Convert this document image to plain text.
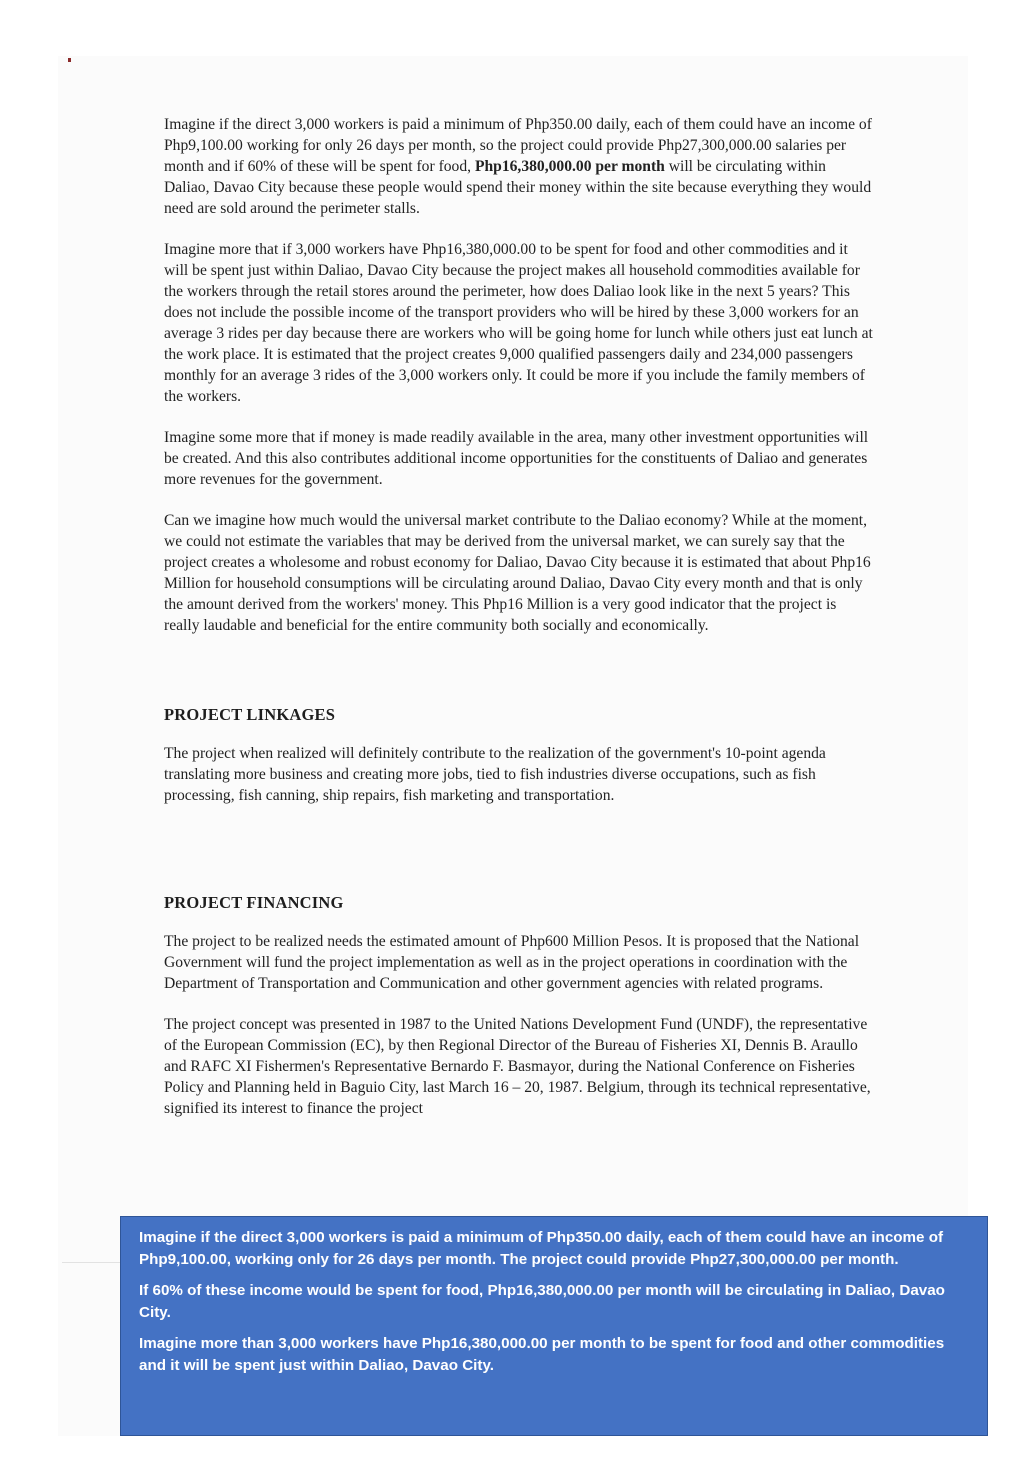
Imagine if the direct 3,000 workers is paid a minimum of Php350.00 daily, each of them could have an income of Php9,100.00 working for only 26 days per month, so the project could provide Php27,300,000.00 salaries per month and if 60% of these will be spent for food, Php16,380,000.00 per month will be circulating within Daliao, Davao City because these people would spend their money within the site because everything they would need are sold around the perimeter stalls.

Imagine more that if 3,000 workers have Php16,380,000.00 to be spent for food and other commodities and it will be spent just within Daliao, Davao City because the project makes all household commodities available for the workers through the retail stores around the perimeter, how does Daliao look like in the next 5 years? This does not include the possible income of the transport providers who will be hired by these 3,000 workers for an average 3 rides per day because there are workers who will be going home for lunch while others just eat lunch at the work place. It is estimated that the project creates 9,000 qualified passengers daily and 234,000 passengers monthly for an average 3 rides of the 3,000 workers only. It could be more if you include the family members of the workers.

Imagine some more that if money is made readily available in the area, many other investment opportunities will be created. And this also contributes additional income opportunities for the constituents of Daliao and generates more revenues for the government.

Can we imagine how much would the universal market contribute to the Daliao economy? While at the moment, we could not estimate the variables that may be derived from the universal market, we can surely say that the project creates a wholesome and robust economy for Daliao, Davao City because it is estimated that about Php16 Million for household consumptions will be circulating around Daliao, Davao City every month and that is only the amount derived from the workers' money. This Php16 Million is a very good indicator that the project is really laudable and beneficial for the entire community both socially and economically.

PROJECT LINKAGES

The project when realized will definitely contribute to the realization of the government's 10-point agenda translating more business and creating more jobs, tied to fish industries diverse occupations, such as fish processing, fish canning, ship repairs, fish marketing and transportation.

PROJECT FINANCING

The project to be realized needs the estimated amount of Php600 Million Pesos. It is proposed that the National Government will fund the project implementation as well as in the project operations in coordination with the Department of Transportation and Communication and other government agencies with related programs.

The project concept was presented in 1987 to the United Nations Development Fund (UNDF), the representative of the European Commission (EC), by then Regional Director of the Bureau of Fisheries XI, Dennis B. Araullo and RAFC XI Fishermen's Representative Bernardo F. Basmayor, during the National Conference on Fisheries Policy and Planning held in Baguio City, last March 16 – 20, 1987. Belgium, through its technical representative, signified its interest to finance the project

Imagine if the direct 3,000 workers is paid a minimum of Php350.00 daily, each of them could have an income of Php9,100.00, working only for 26 days per month. The project could provide Php27,300,000.00 per month.

If 60% of these income would be spent for food, Php16,380,000.00 per month will be circulating in Daliao, Davao City.

Imagine more than 3,000 workers have Php16,380,000.00 per month to be spent for food and other commodities and it will be spent just within Daliao, Davao City.
